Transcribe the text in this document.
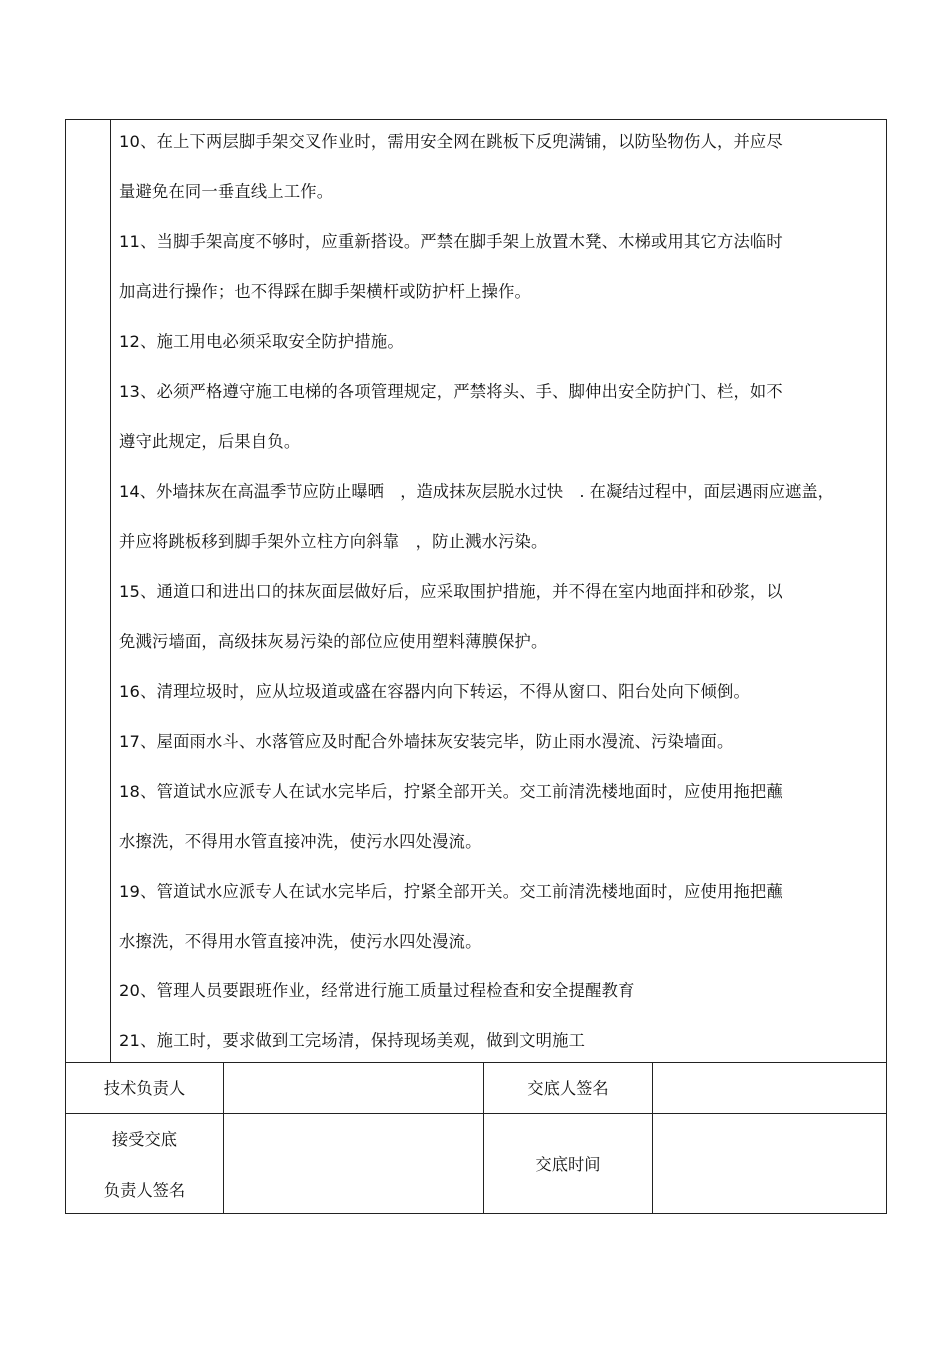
10、在上下两层脚手架交叉作业时，需用安全网在跳板下反兜满铺，以防坠物伤人，并应尽
量避免在同一垂直线上工作。
11、当脚手架高度不够时，应重新搭设。严禁在脚手架上放置木凳、木梯或用其它方法临时
加高进行操作；也不得踩在脚手架横杆或防护杆上操作。
12、施工用电必须采取安全防护措施。
13、必须严格遵守施工电梯的各项管理规定，严禁将头、手、脚伸出安全防护门、栏，如不
遵守此规定，后果自负。
14、外墙抹灰在高温季节应防止曝晒　，造成抹灰层脱水过快　. 在凝结过程中，面层遇雨应遮盖，
并应将跳板移到脚手架外立柱方向斜靠　，防止溅水污染。
15、通道口和进出口的抹灰面层做好后，应采取围护措施，并不得在室内地面拌和砂浆，以
免溅污墙面，高级抹灰易污染的部位应使用塑料薄膜保护。
16、清理垃圾时，应从垃圾道或盛在容器内向下转运，不得从窗口、阳台处向下倾倒。
17、屋面雨水斗、水落管应及时配合外墙抹灰安装完毕，防止雨水漫流、污染墙面。
18、管道试水应派专人在试水完毕后，拧紧全部开关。交工前清洗楼地面时，应使用拖把蘸
水擦洗，不得用水管直接冲洗，使污水四处漫流。
19、管道试水应派专人在试水完毕后，拧紧全部开关。交工前清洗楼地面时，应使用拖把蘸
水擦洗，不得用水管直接冲洗，使污水四处漫流。
20、管理人员要跟班作业，经常进行施工质量过程检查和安全提醒教育
21、施工时，要求做到工完场清，保持现场美观，做到文明施工
技术负责人	交底人签名
接受交底
负责人签名
交底时间
